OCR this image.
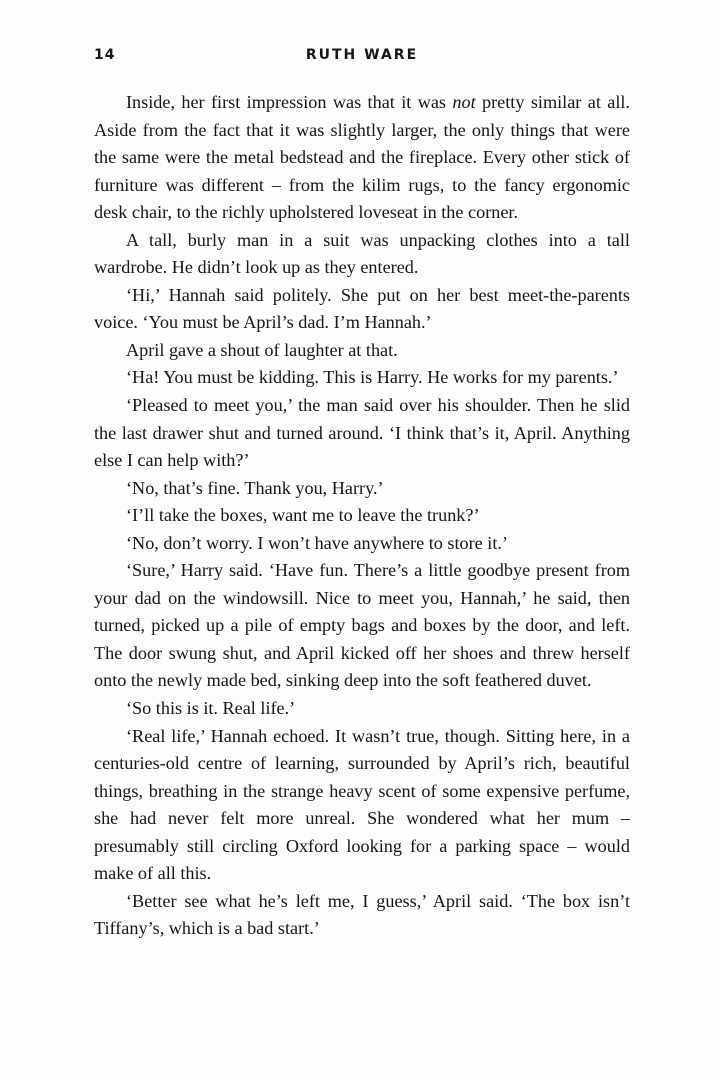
14	RUTH WARE

Inside, her first impression was that it was not pretty similar at all. Aside from the fact that it was slightly larger, the only things that were the same were the metal bedstead and the fireplace. Every other stick of furniture was different – from the kilim rugs, to the fancy ergonomic desk chair, to the richly upholstered loveseat in the corner.

A tall, burly man in a suit was unpacking clothes into a tall wardrobe. He didn’t look up as they entered.

‘Hi,’ Hannah said politely. She put on her best meet-the-parents voice. ‘You must be April’s dad. I’m Hannah.’

April gave a shout of laughter at that.

‘Ha! You must be kidding. This is Harry. He works for my parents.’

‘Pleased to meet you,’ the man said over his shoulder. Then he slid the last drawer shut and turned around. ‘I think that’s it, April. Anything else I can help with?’

‘No, that’s fine. Thank you, Harry.’

‘I’ll take the boxes, want me to leave the trunk?’

‘No, don’t worry. I won’t have anywhere to store it.’

‘Sure,’ Harry said. ‘Have fun. There’s a little goodbye present from your dad on the windowsill. Nice to meet you, Hannah,’ he said, then turned, picked up a pile of empty bags and boxes by the door, and left. The door swung shut, and April kicked off her shoes and threw herself onto the newly made bed, sinking deep into the soft feathered duvet.

‘So this is it. Real life.’

‘Real life,’ Hannah echoed. It wasn’t true, though. Sitting here, in a centuries-old centre of learning, surrounded by April’s rich, beautiful things, breathing in the strange heavy scent of some expensive perfume, she had never felt more unreal. She wondered what her mum – presumably still circling Oxford looking for a parking space – would make of all this.

‘Better see what he’s left me, I guess,’ April said. ‘The box isn’t Tiffany’s, which is a bad start.’
